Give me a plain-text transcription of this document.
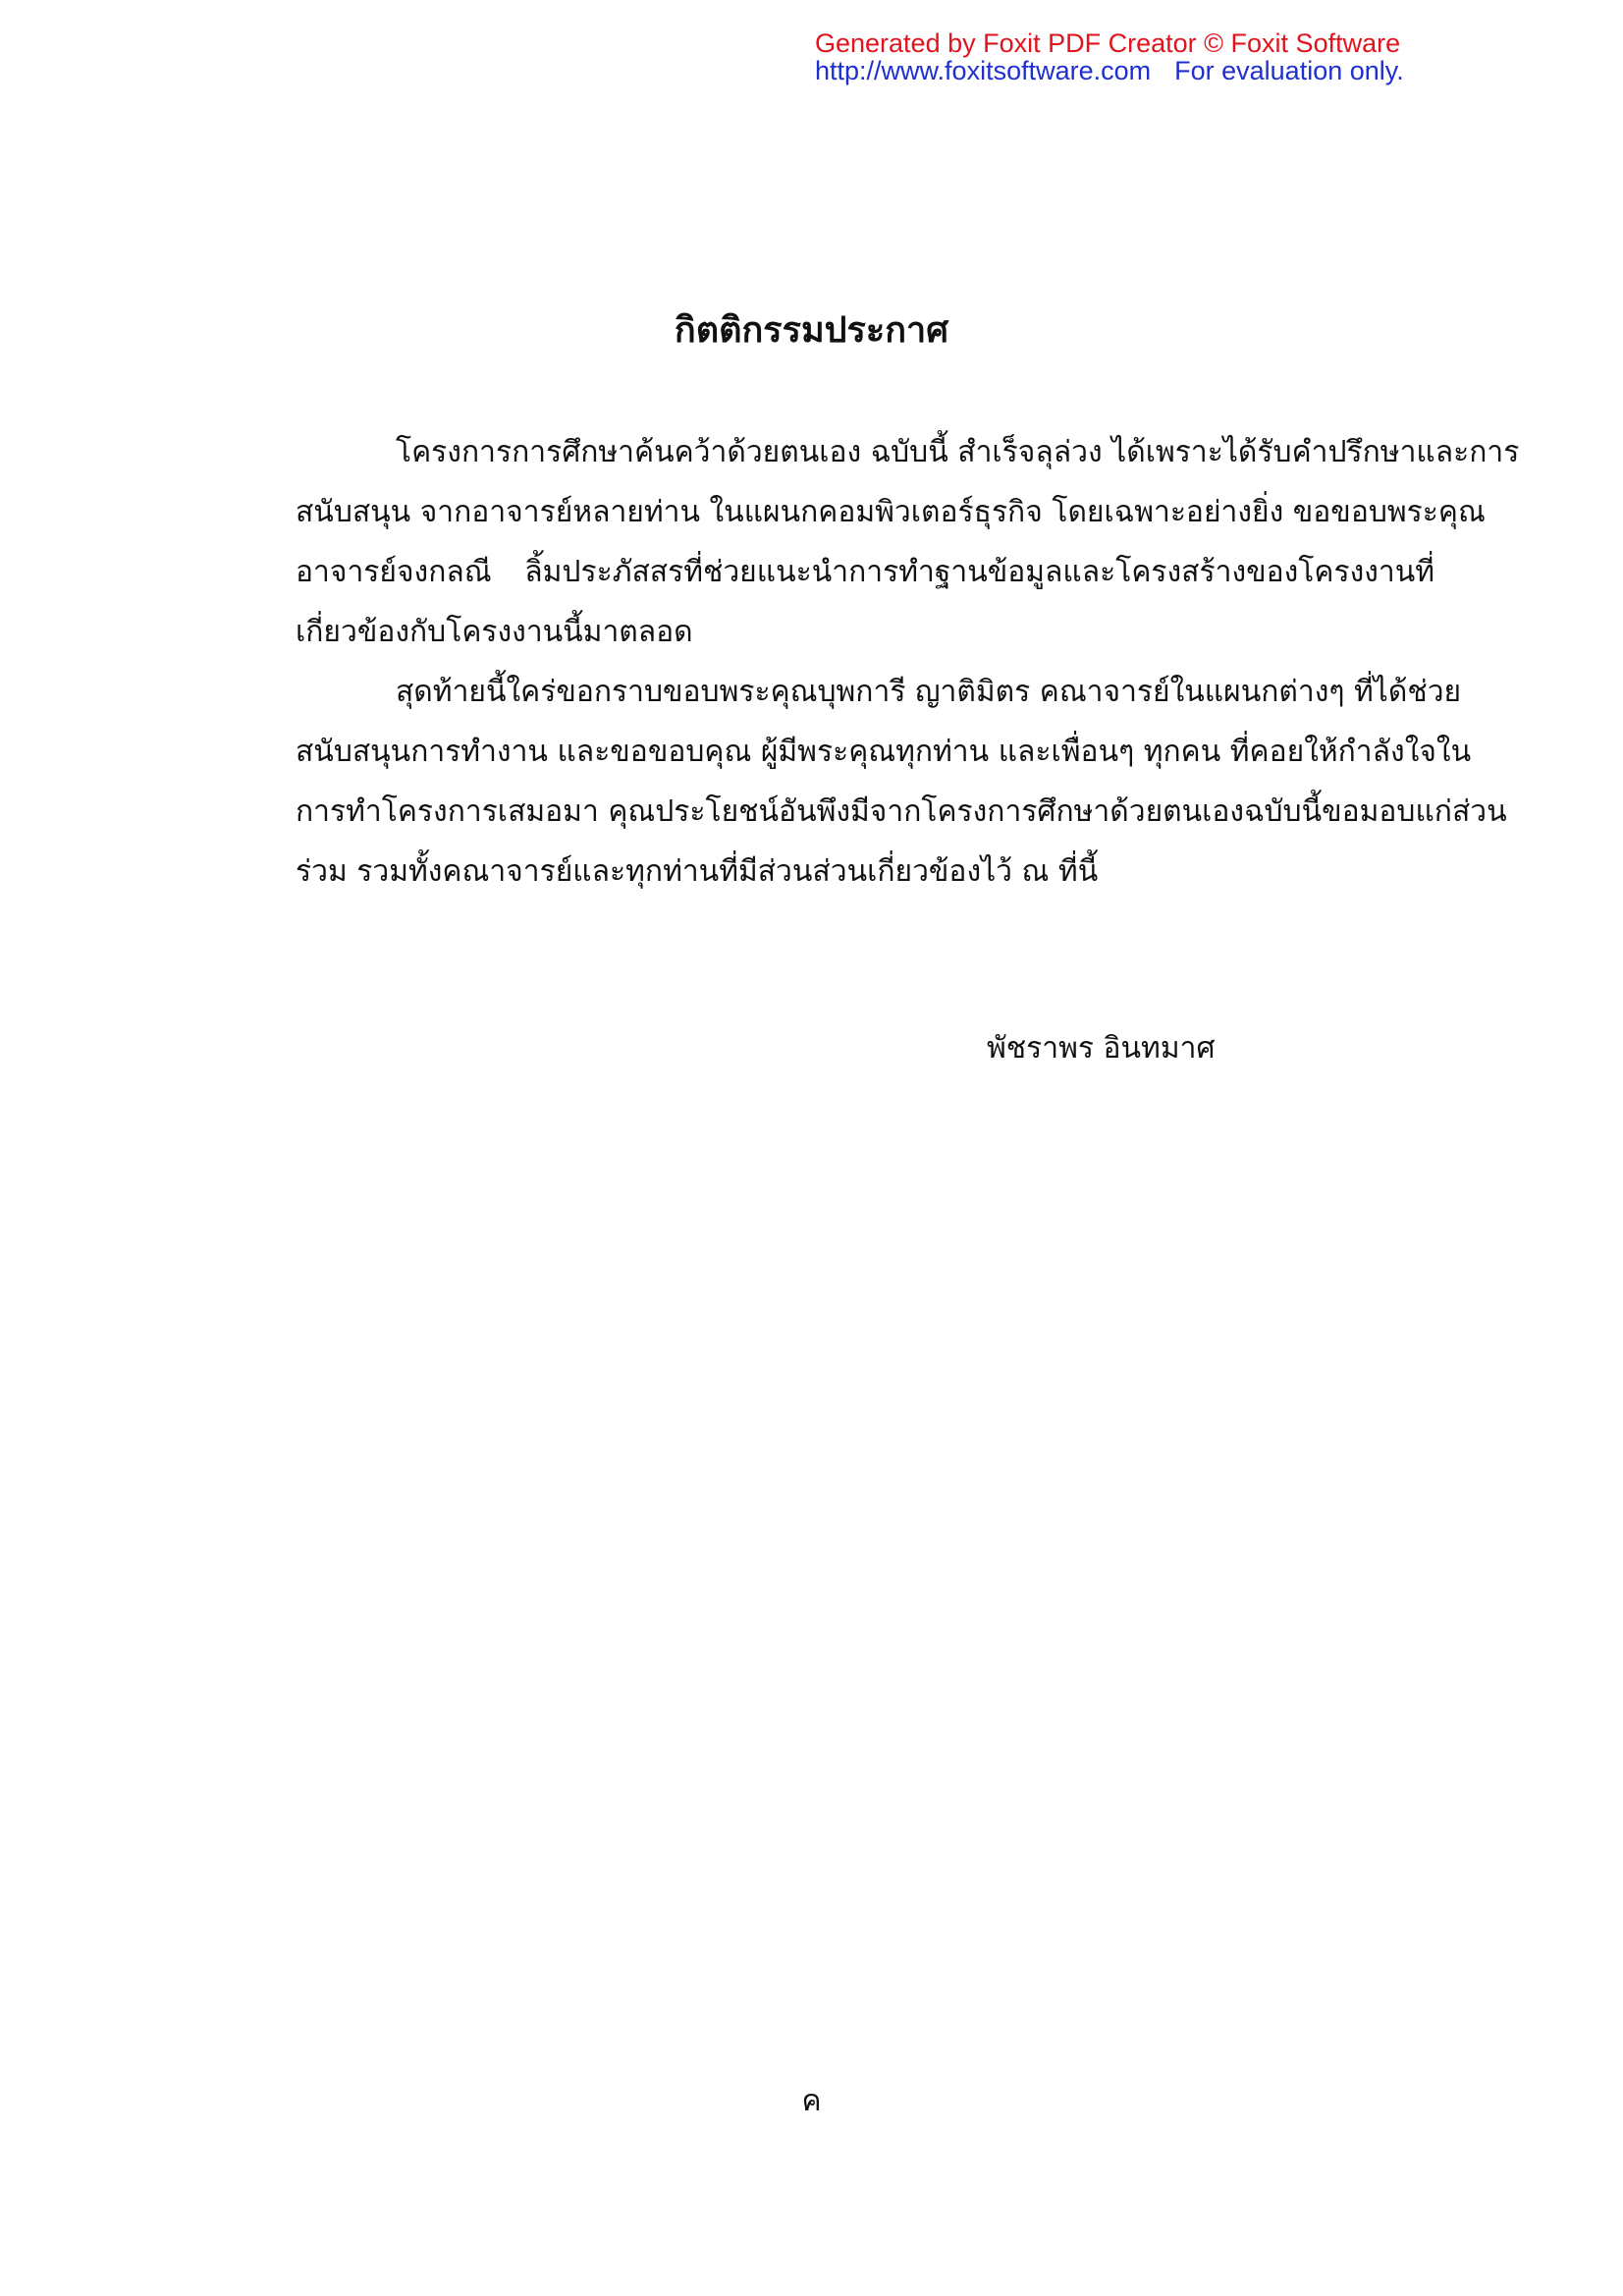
Generated by Foxit PDF Creator © Foxit Software
http://www.foxitsoftware.com For evaluation only.
กิตติกรรมประกาศ
โครงการการศึกษาค้นคว้าด้วยตนเอง ฉบับนี้ สำเร็จลุล่วง ได้เพราะได้รับคำปรึกษาและการ
สนับสนุน จากอาจารย์หลายท่าน ในแผนกคอมพิวเตอร์ธุรกิจ โดยเฉพาะอย่างยิ่ง ขอขอบพระคุณ
อาจารย์จงกลณี ลิ้มประภัสสรที่ช่วยแนะนำการทำฐานข้อมูลและโครงสร้างของโครงงานที่
เกี่ยวข้องกับโครงงานนี้มาตลอด
สุดท้ายนี้ใคร่ขอกราบขอบพระคุณบุพการี ญาติมิตร คณาจารย์ในแผนกต่างๆ ที่ได้ช่วย
สนับสนุนการทำงาน และขอขอบคุณ ผู้มีพระคุณทุกท่าน และเพื่อนๆ ทุกคน ที่คอยให้กำลังใจใน
การทำโครงการเสมอมา คุณประโยชน์อันพึงมีจากโครงการศึกษาด้วยตนเองฉบับนี้ขอมอบแก่ส่วน
ร่วม รวมทั้งคณาจารย์และทุกท่านที่มีส่วนส่วนเกี่ยวข้องไว้ ณ ที่นี้
พัชราพร อินทมาศ
ค
